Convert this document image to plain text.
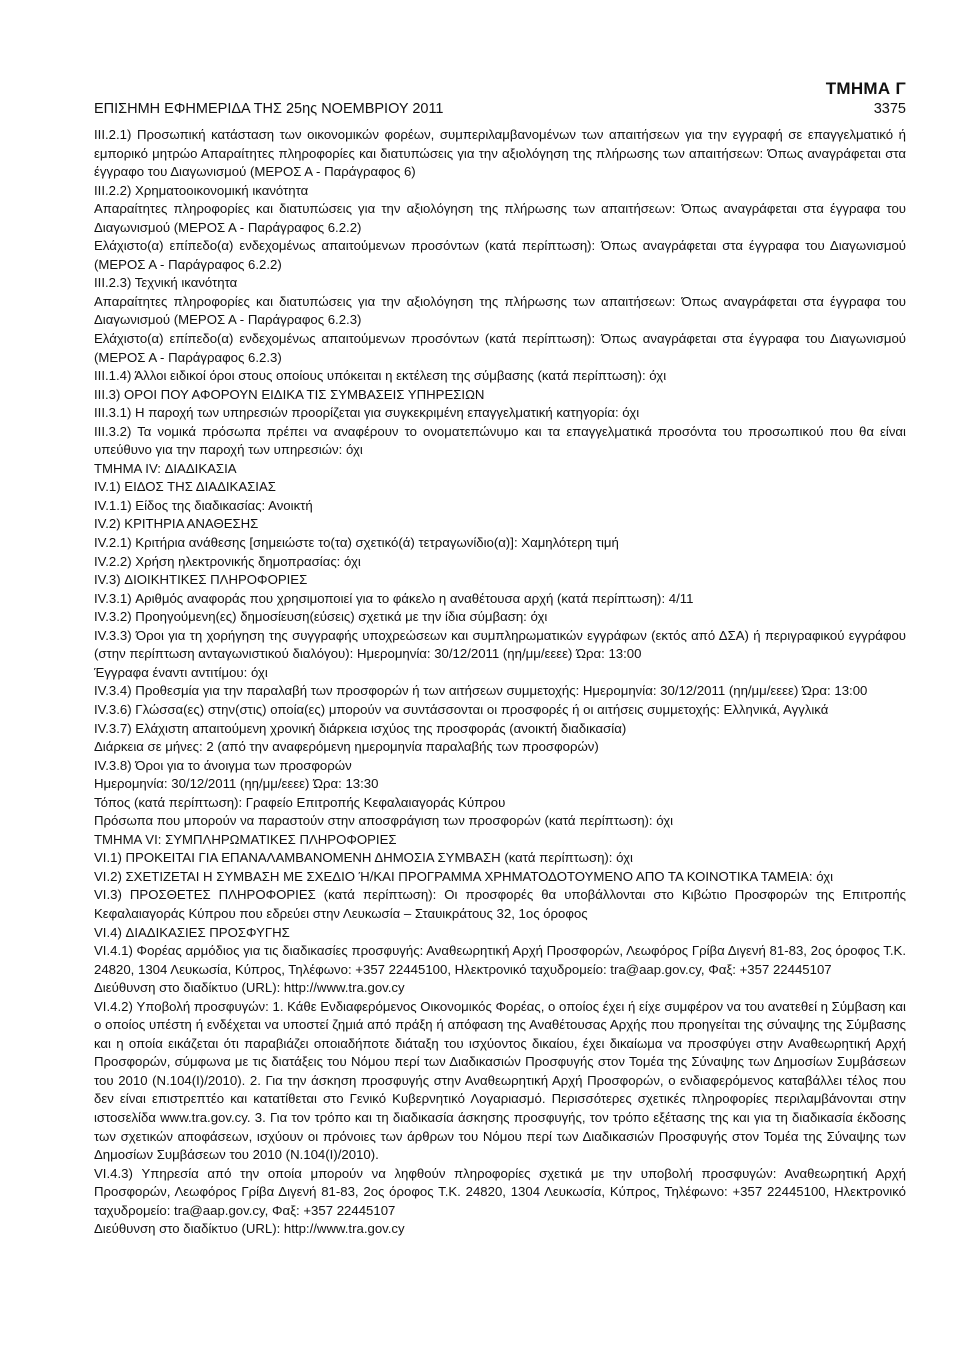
ΤΜΗΜΑ Γ
ΕΠΙΣΗΜΗ ΕΦΗΜΕΡΙΔΑ ΤΗΣ 25ης ΝΟΕΜΒΡΙΟΥ 2011	3375

ΙΙΙ.2.1) Προσωπική κατάσταση των οικονομικών φορέων, συμπεριλαμβανομένων των απαιτήσεων για την εγγραφή σε επαγγελματικό ή εμπορικό μητρώο Απαραίτητες πληροφορίες και διατυπώσεις για την αξιολόγηση της πλήρωσης των απαιτήσεων: Όπως αναγράφεται στα έγγραφο του Διαγωνισμού (ΜΕΡΟΣ Α - Παράγραφος 6)

ΙΙΙ.2.2) Χρηματοοικονομική ικανότητα

Απαραίτητες πληροφορίες και διατυπώσεις για την αξιολόγηση της πλήρωσης των απαιτήσεων: Όπως αναγράφεται στα έγγραφα του Διαγωνισμού (ΜΕΡΟΣ Α - Παράγραφος 6.2.2)

Ελάχιστο(α) επίπεδο(α) ενδεχομένως απαιτούμενων προσόντων (κατά περίπτωση): Όπως αναγράφεται στα έγγραφα του Διαγωνισμού (ΜΕΡΟΣ Α - Παράγραφος 6.2.2)

ΙΙΙ.2.3) Τεχνική ικανότητα

Απαραίτητες πληροφορίες και διατυπώσεις για την αξιολόγηση της πλήρωσης των απαιτήσεων: Όπως αναγράφεται στα έγγραφα του Διαγωνισμού (ΜΕΡΟΣ Α - Παράγραφος 6.2.3)

Ελάχιστο(α) επίπεδο(α) ενδεχομένως απαιτούμενων προσόντων (κατά περίπτωση): Όπως αναγράφεται στα έγγραφα του Διαγωνισμού (ΜΕΡΟΣ Α - Παράγραφος 6.2.3)

ΙΙΙ.1.4) Άλλοι ειδικοί όροι στους οποίους υπόκειται η εκτέλεση της σύμβασης (κατά περίπτωση): όχι

ΙΙΙ.3) ΟΡΟΙ ΠΟΥ ΑΦΟΡΟΥΝ ΕΙΔΙΚΑ ΤΙΣ ΣΥΜΒΑΣΕΙΣ ΥΠΗΡΕΣΙΩΝ

ΙΙΙ.3.1) Η παροχή των υπηρεσιών προορίζεται για συγκεκριμένη επαγγελματική κατηγορία: όχι

ΙΙΙ.3.2) Τα νομικά πρόσωπα πρέπει να αναφέρουν το ονοματεπώνυμο και τα επαγγελματικά προσόντα του προσωπικού που θα είναι υπεύθυνο για την παροχή των υπηρεσιών: όχι

ΤΜΗΜΑ IV: ΔΙΑΔΙΚΑΣΙΑ

IV.1) ΕΙΔΟΣ ΤΗΣ ΔΙΑΔΙΚΑΣΙΑΣ

IV.1.1) Είδος της διαδικασίας: Ανοικτή

IV.2) ΚΡΙΤΗΡΙΑ ΑΝΑΘΕΣΗΣ

IV.2.1) Κριτήρια ανάθεσης [σημειώστε το(τα) σχετικό(ά) τετραγωνίδιο(α)]: Χαμηλότερη τιμή

IV.2.2) Χρήση ηλεκτρονικής δημοπρασίας: όχι

IV.3) ΔΙΟΙΚΗΤΙΚΕΣ ΠΛΗΡΟΦΟΡΙΕΣ

IV.3.1) Αριθμός αναφοράς που χρησιμοποιεί για το φάκελο η αναθέτουσα αρχή (κατά περίπτωση): 4/11

IV.3.2) Προηγούμενη(ες) δημοσίευση(εύσεις) σχετικά με την ίδια σύμβαση: όχι

IV.3.3) Όροι για τη χορήγηση της συγγραφής υποχρεώσεων και συμπληρωματικών εγγράφων (εκτός από ΔΣΑ) ή περιγραφικού εγγράφου (στην περίπτωση ανταγωνιστικού διαλόγου): Ημερομηνία: 30/12/2011 (ηη/μμ/εεεε) Ώρα: 13:00

Έγγραφα έναντι αντιτίμου: όχι

IV.3.4) Προθεσμία για την παραλαβή των προσφορών ή των αιτήσεων συμμετοχής: Ημερομηνία: 30/12/2011 (ηη/μμ/εεεε) Ώρα: 13:00

IV.3.6) Γλώσσα(ες) στην(στις) οποία(ες) μπορούν να συντάσσονται οι προσφορές ή οι αιτήσεις συμμετοχής: Ελληνικά, Αγγλικά

IV.3.7) Ελάχιστη απαιτούμενη χρονική διάρκεια ισχύος της προσφοράς (ανοικτή διαδικασία)

Διάρκεια σε μήνες: 2 (από την αναφερόμενη ημερομηνία παραλαβής των προσφορών)

IV.3.8) Όροι για το άνοιγμα των προσφορών

Ημερομηνία: 30/12/2011 (ηη/μμ/εεεε) Ώρα: 13:30

Τόπος (κατά περίπτωση): Γραφείο Επιτροπής Κεφαλαιαγοράς Κύπρου

Πρόσωπα που μπορούν να παραστούν στην αποσφράγιση των προσφορών (κατά περίπτωση): όχι

ΤΜΗΜΑ VI: ΣΥΜΠΛΗΡΩΜΑΤΙΚΕΣ ΠΛΗΡΟΦΟΡΙΕΣ

VI.1) ΠΡΟΚΕΙΤΑΙ ΓΙΑ ΕΠΑΝΑΛΑΜΒΑΝΟΜΕΝΗ ΔΗΜΟΣΙΑ ΣΥΜΒΑΣΗ (κατά περίπτωση): όχι

VI.2) ΣΧΕΤΙΖΕΤΑΙ Η ΣΥΜΒΑΣΗ ΜΕ ΣΧΕΔΙΟ Ή/ΚΑΙ ΠΡΟΓΡΑΜΜΑ ΧΡΗΜΑΤΟΔΟΤΟΥΜΕΝΟ ΑΠΟ ΤΑ ΚΟΙΝΟΤΙΚΑ ΤΑΜΕΙΑ: όχι

VI.3) ΠΡΟΣΘΕΤΕΣ ΠΛΗΡΟΦΟΡΙΕΣ (κατά περίπτωση): Οι προσφορές θα υποβάλλονται στο Κιβώτιο Προσφορών της Επιτροπής Κεφαλαιαγοράς Κύπρου που εδρεύει στην Λευκωσία – Σταυικράτους 32, 1ος όροφος

VI.4) ΔΙΑΔΙΚΑΣΙΕΣ ΠΡΟΣΦΥΓΗΣ

VI.4.1) Φορέας αρμόδιος για τις διαδικασίες προσφυγής: Αναθεωρητική Αρχή Προσφορών, Λεωφόρος Γρίβα Διγενή 81-83, 2ος όροφος Τ.Κ. 24820, 1304 Λευκωσία, Κύπρος, Τηλέφωνο: +357 22445100, Ηλεκτρονικό ταχυδρομείο: tra@aap.gov.cy, Φαξ: +357 22445107

Διεύθυνση στο διαδίκτυο (URL): http://www.tra.gov.cy

VI.4.2) Υποβολή προσφυγών: 1. Κάθε Ενδιαφερόμενος Οικονομικός Φορέας, ο οποίος έχει ή είχε συμφέρον να του ανατεθεί η Σύμβαση και ο οποίος υπέστη ή ενδέχεται να υποστεί ζημιά από πράξη ή απόφαση της Αναθέτουσας Αρχής που προηγείται της σύναψης της Σύμβασης και η οποία εικάζεται ότι παραβιάζει οποιαδήποτε διάταξη του ισχύοντος δικαίου, έχει δικαίωμα να προσφύγει στην Αναθεωρητική Αρχή Προσφορών, σύμφωνα με τις διατάξεις του Νόμου περί των Διαδικασιών Προσφυγής στον Τομέα της Σύναψης των Δημοσίων Συμβάσεων του 2010 (Ν.104(Ι)/2010). 2. Για την άσκηση προσφυγής στην Αναθεωρητική Αρχή Προσφορών, ο ενδιαφερόμενος καταβάλλει τέλος που δεν είναι επιστρεπτέο και κατατίθεται στο Γενικό Κυβερνητικό Λογαριασμό. Περισσότερες σχετικές πληροφορίες περιλαμβάνονται στην ιστοσελίδα www.tra.gov.cy. 3. Για τον τρόπο και τη διαδικασία άσκησης προσφυγής, τον τρόπο εξέτασης της και για τη διαδικασία έκδοσης των σχετικών αποφάσεων, ισχύουν οι πρόνοιες των άρθρων του Νόμου περί των Διαδικασιών Προσφυγής στον Τομέα της Σύναψης των Δημοσίων Συμβάσεων του 2010 (Ν.104(Ι)/2010).

VI.4.3) Υπηρεσία από την οποία μπορούν να ληφθούν πληροφορίες σχετικά με την υποβολή προσφυγών: Αναθεωρητική Αρχή Προσφορών, Λεωφόρος Γρίβα Διγενή 81-83, 2ος όροφος Τ.Κ. 24820, 1304 Λευκωσία, Κύπρος, Τηλέφωνο: +357 22445100, Ηλεκτρονικό ταχυδρομείο: tra@aap.gov.cy, Φαξ: +357 22445107

Διεύθυνση στο διαδίκτυο (URL): http://www.tra.gov.cy
